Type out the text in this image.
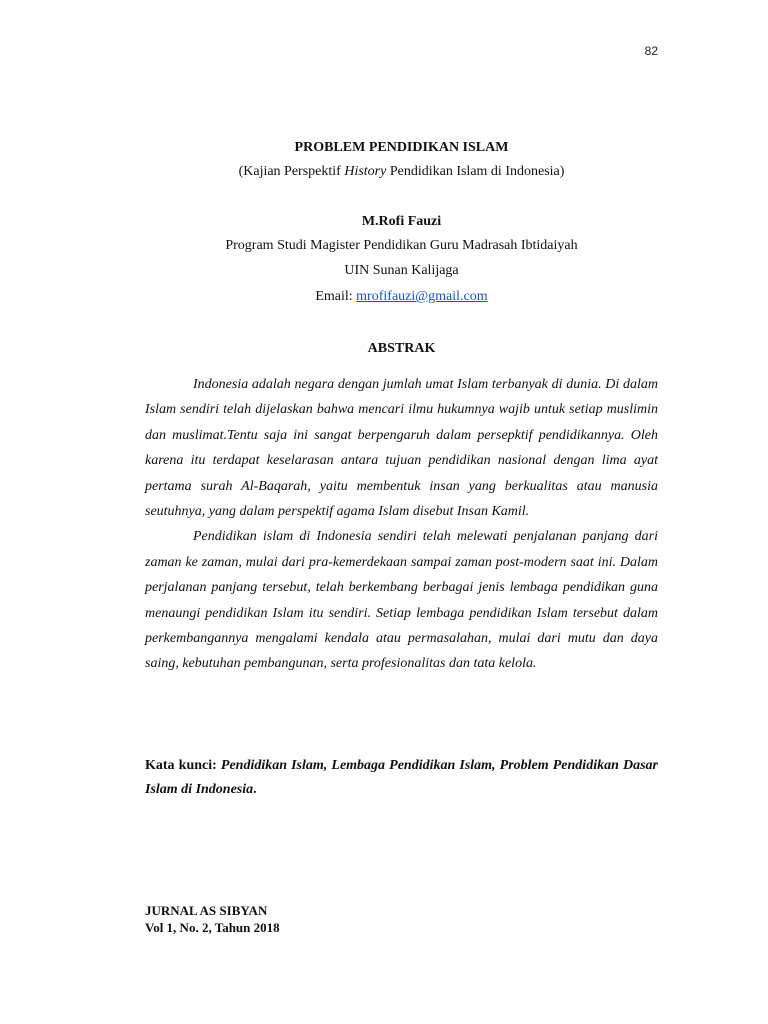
82
PROBLEM PENDIDIKAN ISLAM
(Kajian Perspektif History Pendidikan Islam di Indonesia)
M.Rofi Fauzi
Program Studi Magister Pendidikan Guru Madrasah Ibtidaiyah
UIN Sunan Kalijaga
Email: mrofifauzi@gmail.com
ABSTRAK

Indonesia adalah negara dengan jumlah umat Islam terbanyak di dunia. Di dalam Islam sendiri telah dijelaskan bahwa mencari ilmu hukumnya wajib untuk setiap muslimin dan muslimat.Tentu saja ini sangat berpengaruh dalam persepktif pendidikannya. Oleh karena itu terdapat keselarasan antara tujuan pendidikan nasional dengan lima ayat pertama surah Al-Baqarah, yaitu membentuk insan yang berkualitas atau manusia seutuhnya, yang dalam perspektif agama Islam disebut Insan Kamil.

Pendidikan islam di Indonesia sendiri telah melewati penjalanan panjang dari zaman ke zaman, mulai dari pra-kemerdekaan sampai zaman post-modern saat ini. Dalam perjalanan panjang tersebut, telah berkembang berbagai jenis lembaga pendidikan guna menaungi pendidikan Islam itu sendiri. Setiap lembaga pendidikan Islam tersebut dalam perkembangannya mengalami kendala atau permasalahan, mulai dari mutu dan daya saing, kebutuhan pembangunan, serta profesionalitas dan tata kelola.

Kata kunci: Pendidikan Islam, Lembaga Pendidikan Islam, Problem Pendidikan Dasar Islam di Indonesia.
JURNAL AS SIBYAN
Vol 1, No. 2, Tahun 2018
